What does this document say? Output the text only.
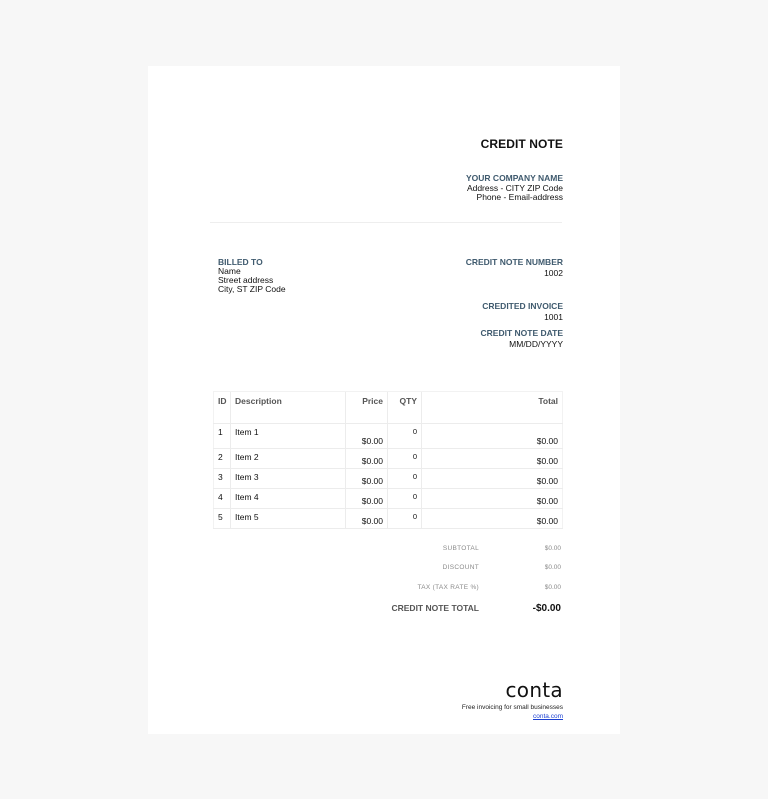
CREDIT NOTE
YOUR COMPANY NAME
Address - CITY ZIP Code
Phone - Email-address
BILLED TO
Name
Street address
City, ST ZIP Code
CREDIT NOTE NUMBER
1002
CREDITED INVOICE
1001
CREDIT NOTE DATE
MM/DD/YYYY
ID	Description	Price	QTY	Total
1	Item 1	$0.00	0	$0.00
2	Item 2	$0.00	0	$0.00
3	Item 3	$0.00	0	$0.00
4	Item 4	$0.00	0	$0.00
5	Item 5	$0.00	0	$0.00
SUBTOTAL	$0.00
DISCOUNT	$0.00
TAX (TAX RATE %)	$0.00
CREDIT NOTE TOTAL	-$0.00
conta
Free invoicing for small businesses
conta.com
